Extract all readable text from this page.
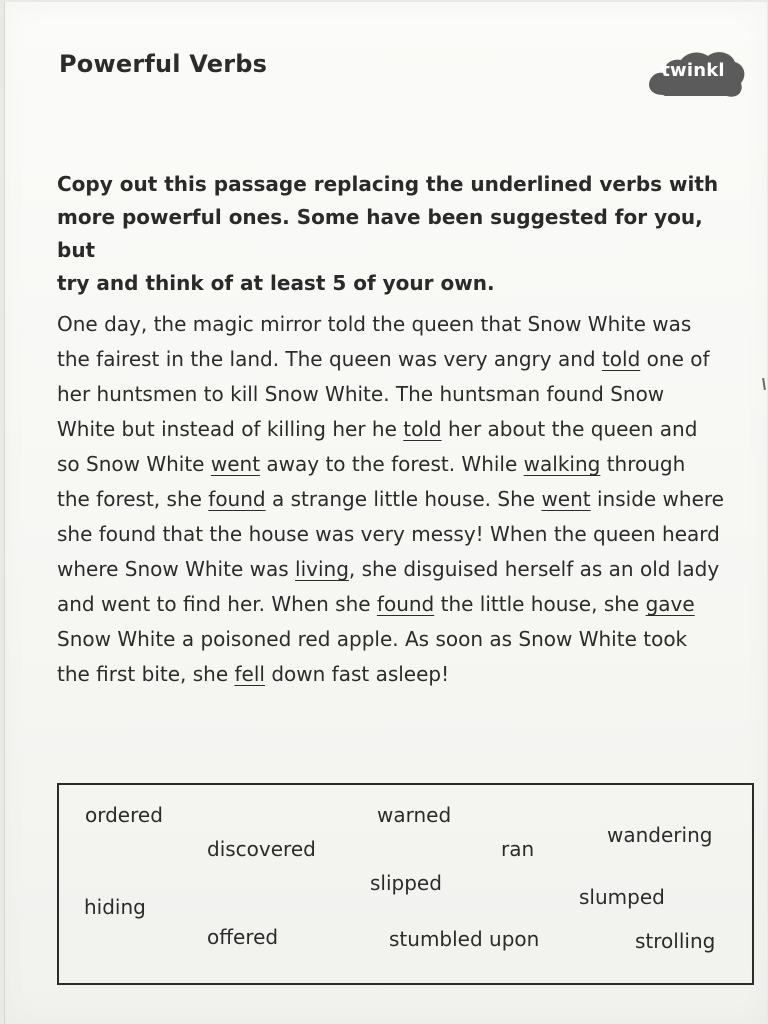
Powerful Verbs	twinkl
Copy out this passage replacing the underlined verbs with
more powerful ones. Some have been suggested for you, but
try and think of at least 5 of your own.
One day, the magic mirror told the queen that Snow White was
the fairest in the land. The queen was very angry and told one of
her huntsmen to kill Snow White. The huntsman found Snow
White but instead of killing her he told her about the queen and
so Snow White went away to the forest. While walking through
the forest, she found a strange little house. She went inside where
she found that the house was very messy! When the queen heard
where Snow White was living, she disguised herself as an old lady
and went to find her. When she found the little house, she gave
Snow White a poisoned red apple. As soon as Snow White took
the first bite, she fell down fast asleep!
ordered	warned
wandering
discovered	ran
slipped
slumped
hiding
offered	stumbled upon	strolling
